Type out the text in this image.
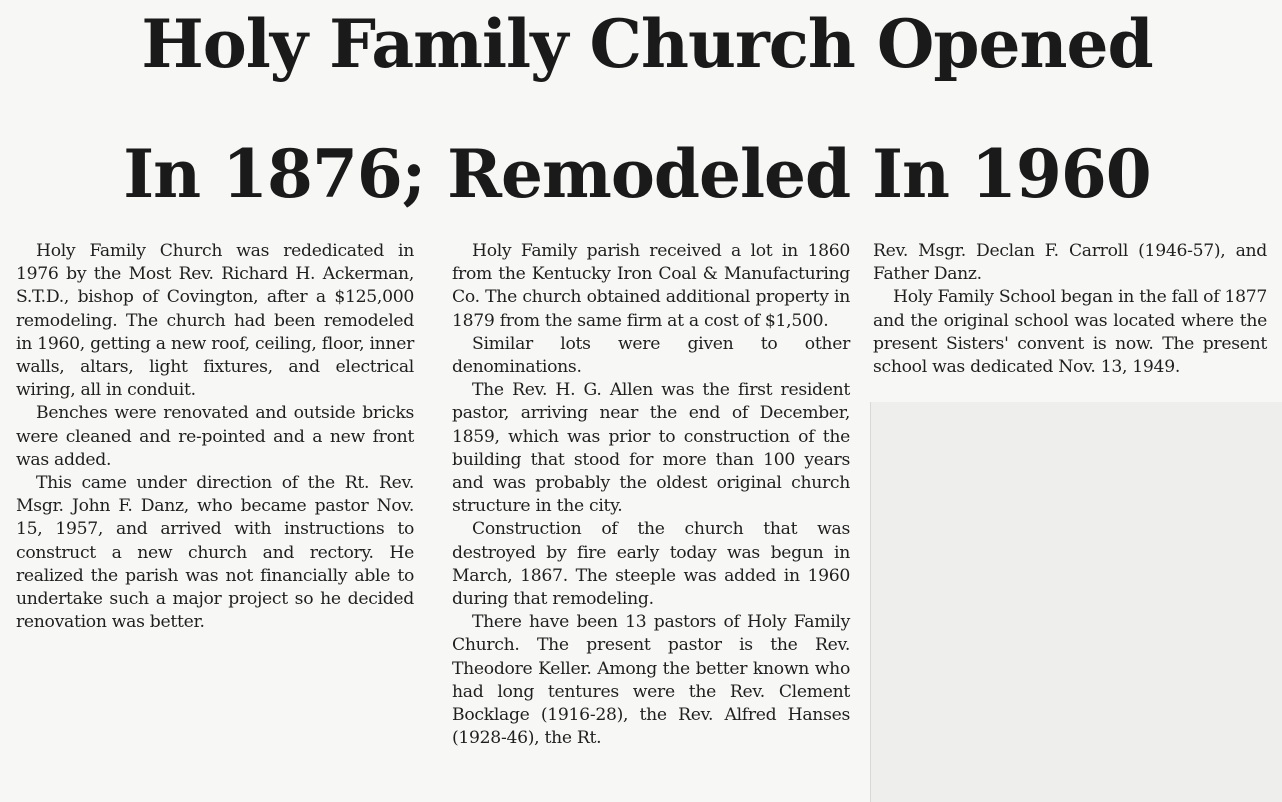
Holy Family Church Opened
In 1876; Remodeled In 1960

Holy Family Church was rededicated in 1976 by the Most Rev. Richard H. Ackerman, S.T.D., bishop of Covington, after a $125,000 remodeling. The church had been remodeled in 1960, getting a new roof, ceiling, floor, inner walls, altars, light fixtures, and electrical wiring, all in conduit.

Benches were renovated and outside bricks were cleaned and re-pointed and a new front was added.

This came under direction of the Rt. Rev. Msgr. John F. Danz, who became pastor Nov. 15, 1957, and arrived with instructions to construct a new church and rectory. He realized the parish was not financially able to undertake such a major project so he decided renovation was better.

Holy Family parish received a lot in 1860 from the Kentucky Iron Coal & Manufacturing Co. The church obtained additional property in 1879 from the same firm at a cost of $1,500.

Similar lots were given to other denominations.

The Rev. H. G. Allen was the first resident pastor, arriving near the end of December, 1859, which was prior to construction of the building that stood for more than 100 years and was probably the oldest original church structure in the city.

Construction of the church that was destroyed by fire early today was begun in March, 1867. The steeple was added in 1960 during that remodeling.

There have been 13 pastors of Holy Family Church. The present pastor is the Rev. Theodore Keller. Among the better known who had long tentures were the Rev. Clement Bocklage (1916-28), the Rev. Alfred Hanses (1928-46), the Rt.

Rev. Msgr. Declan F. Carroll (1946-57), and Father Danz.

Holy Family School began in the fall of 1877 and the original school was located where the present Sisters' convent is now. The present school was dedicated Nov. 13, 1949.
